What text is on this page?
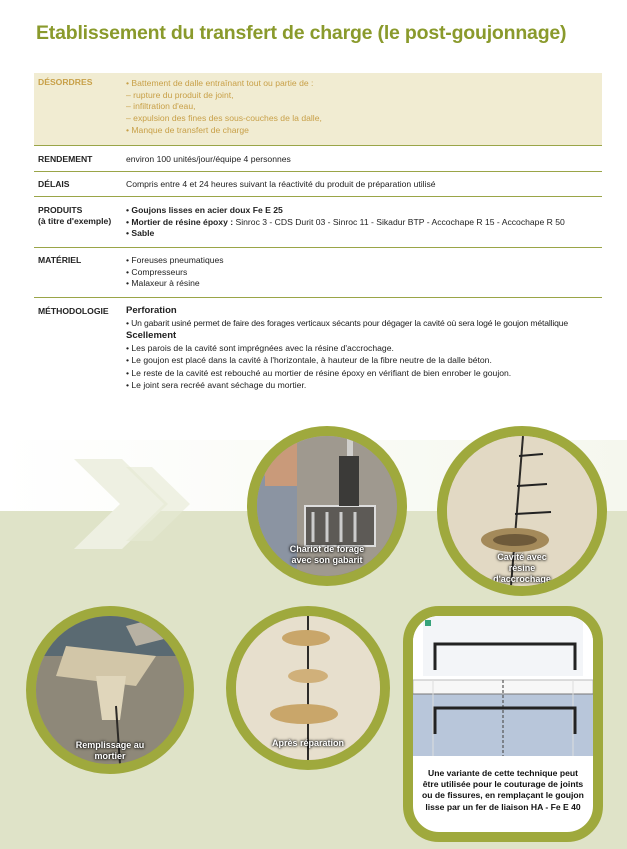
Etablissement du transfert de charge (le post-goujonnage)
DÉSORDRES	• Battement de dalle entraînant tout ou partie de :
– rupture du produit de joint,
– infiltration d'eau,
– expulsion des fines des sous-couches de la dalle,
• Manque de transfert de charge
RENDEMENT	environ 100 unités/jour/équipe 4 personnes
DÉLAIS	Compris entre 4 et 24 heures suivant la réactivité du produit de préparation utilisé
PRODUITS
(à titre d'exemple)
• Goujons lisses en acier doux Fe E 25
• Mortier de résine époxy : Sinroc 3 - CDS Durit 03 - Sinroc 11 - Sikadur BTP - Accochape R 15 - Accochape R 50
• Sable
MATÉRIEL	• Foreuses pneumatiques
• Compresseurs
• Malaxeur à résine
MÉTHODOLOGIE	Perforation
• Un gabarit usiné permet de faire des forages verticaux sécants pour dégager la cavité où sera logé le goujon métallique
Scellement
• Les parois de la cavité sont imprégnées avec la résine d'accrochage.
• Le goujon est placé dans la cavité à l'horizontale, à hauteur de la fibre neutre de la dalle béton.
• Le reste de la cavité est rebouché au mortier de résine époxy en vérifiant de bien enrober le goujon.
• Le joint sera recréé avant séchage du mortier.
Chariot de forage avec son gabarit	Cavité avec résine d'accrochage
Remplissage au mortier
Après réparation
Une variante de cette technique peut être utilisée pour le couturage de joints ou de fissures, en remplaçant le goujon lisse par un fer de liaison HA - Fe E 40
